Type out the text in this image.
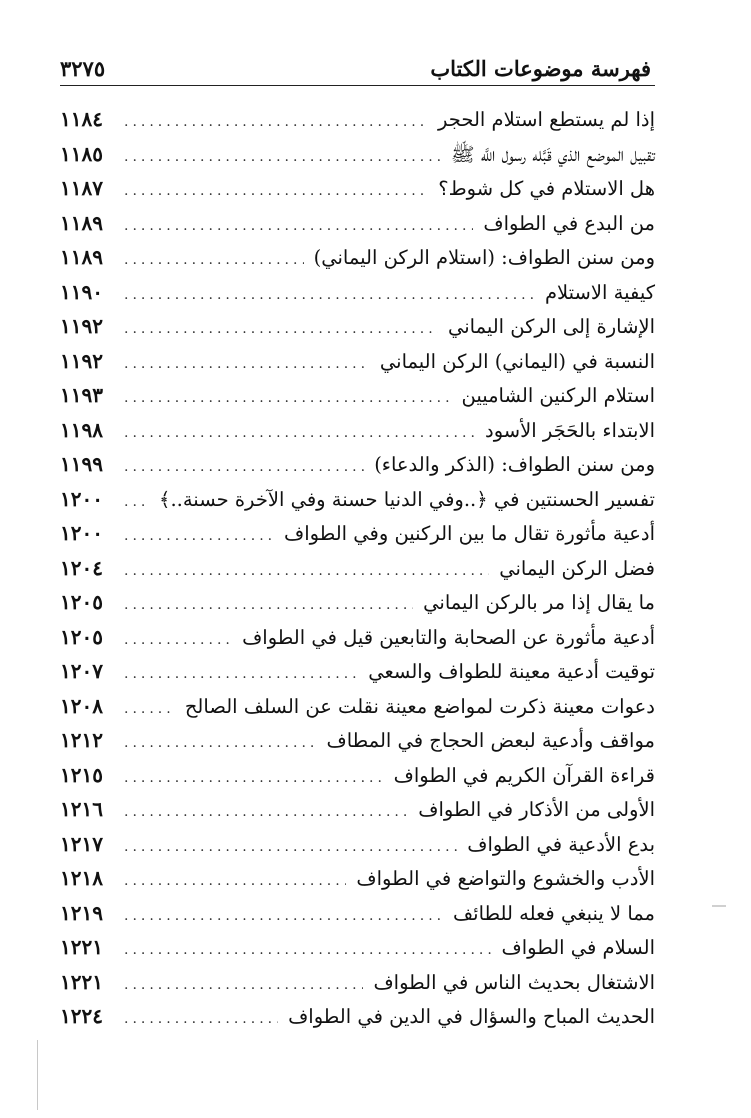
فهرسة موضوعات الكتاب
٣٢٧٥
إذا لم يستطع استلام الحجر
.....
١١٨٤
تقبيل الموضع الذي قَبَّله رسول اللَّه ﷺ
.....
١١٨٥
هل الاستلام في كل شوط؟
.....
١١٨٧
من البدع في الطواف
.....
١١٨٩
ومن سنن الطواف: (استلام الركن اليماني)
.....
١١٨٩
كيفية الاستلام
.....
١١٩٠
الإشارة إلى الركن اليماني
.....
١١٩٢
النسبة في (اليماني) الركن اليماني
.....
١١٩٢
استلام الركنين الشاميين
.....
١١٩٣
الابتداء بالحَجَر الأسود
.....
١١٩٨
ومن سنن الطواف: (الذكر والدعاء)
.....
١١٩٩
تفسير الحسنتين في ﴿..وفي الدنيا حسنة وفي الآخرة حسنة..﴾
.....
١٢٠٠
أدعية مأثورة تقال ما بين الركنين وفي الطواف
.....
١٢٠٠
فضل الركن اليماني
.....
١٢٠٤
ما يقال إذا مر بالركن اليماني
.....
١٢٠٥
أدعية مأثورة عن الصحابة والتابعين قيل في الطواف
.....
١٢٠٥
توقيت أدعية معينة للطواف والسعي
.....
١٢٠٧
دعوات معينة ذكرت لمواضع معينة نقلت عن السلف الصالح
.....
١٢٠٨
مواقف وأدعية لبعض الحجاج في المطاف
.....
١٢١٢
قراءة القرآن الكريم في الطواف
.....
١٢١٥
الأولى من الأذكار في الطواف
.....
١٢١٦
بدع الأدعية في الطواف
.....
١٢١٧
الأدب والخشوع والتواضع في الطواف
.....
١٢١٨
مما لا ينبغي فعله للطائف
.....
١٢١٩
السلام في الطواف
.....
١٢٢١
الاشتغال بحديث الناس في الطواف
.....
١٢٢١
الحديث المباح والسؤال في الدين في الطواف
.....
١٢٢٤
